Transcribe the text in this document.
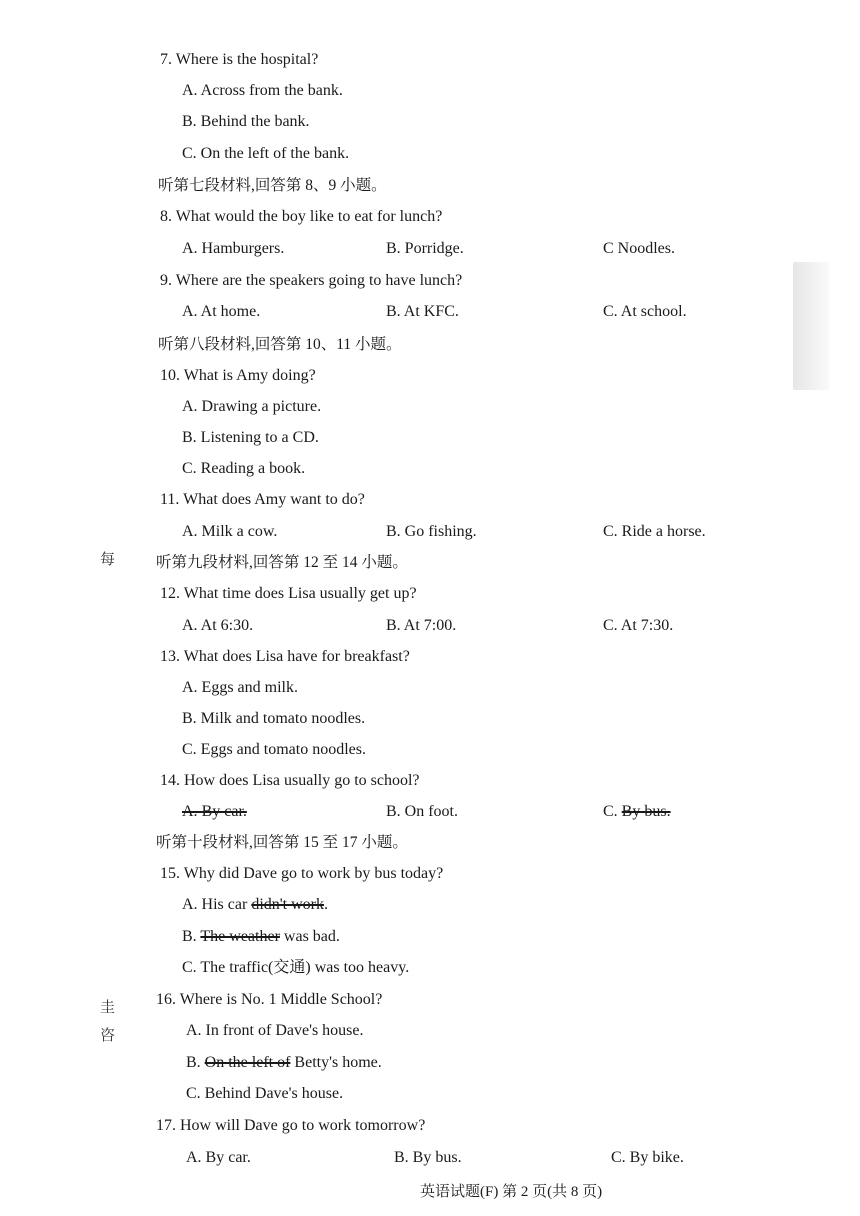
7. Where is the hospital?
A. Across from the bank.
B. Behind the bank.
C. On the left of the bank.
听第七段材料,回答第 8、9 小题。
8. What would the boy like to eat for lunch?
A. Hamburgers.	B. Porridge.	C Noodles.
9. Where are the speakers going to have lunch?
A. At home.	B. At KFC.	C. At school.
听第八段材料,回答第 10、11 小题。
10. What is Amy doing?
A. Drawing a picture.
B. Listening to a CD.
C. Reading a book.
11. What does Amy want to do?
A. Milk a cow.	B. Go fishing.	C. Ride a horse.
每	听第九段材料,回答第 12 至 14 小题。
12. What time does Lisa usually get up?
A. At 6:30.	B. At 7:00.	C. At 7:30.
13. What does Lisa have for breakfast?
A. Eggs and milk.
B. Milk and tomato noodles.
C. Eggs and tomato noodles.
14. How does Lisa usually go to school?
A. By car.	B. On foot.	C. By bus.
听第十段材料,回答第 15 至 17 小题。
15. Why did Dave go to work by bus today?
A. His car didn't work.
B. The weather was bad.
C. The traffic(交通) was too heavy.
圭
咨
16. Where is No. 1 Middle School?
A. In front of Dave's house.
B. On the left of Betty's home.
C. Behind Dave's house.
17. How will Dave go to work tomorrow?
A. By car.	B. By bus.	C. By bike.
英语试题(F) 第 2 页(共 8 页)
